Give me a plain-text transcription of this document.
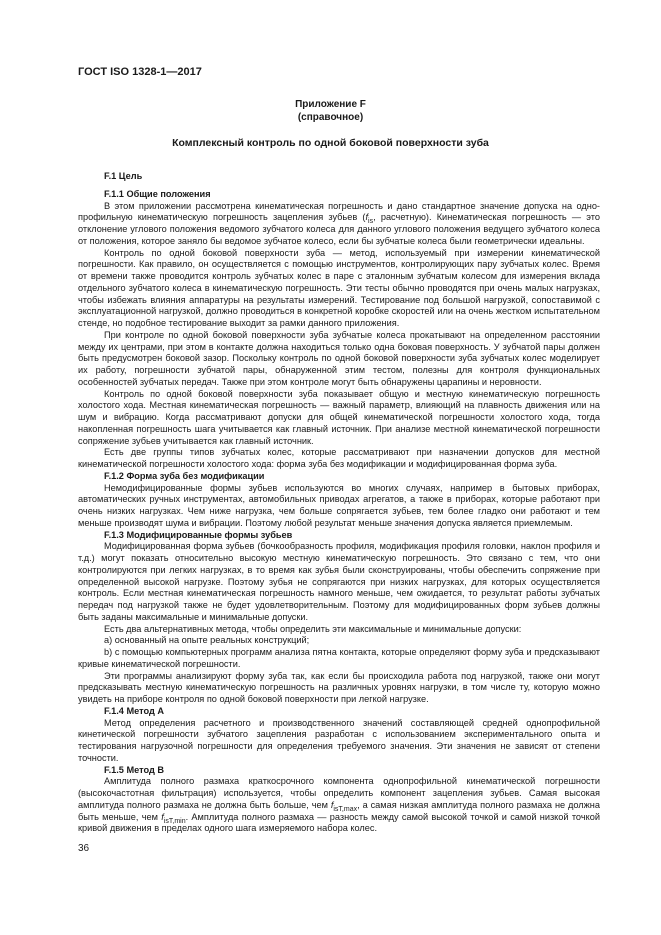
ГОСТ ISO 1328-1—2017
Приложение F
(справочное)
Комплексный контроль по одной боковой поверхности зуба
F.1 Цель
F.1.1 Общие положения

В этом приложении рассмотрена кинематическая погрешность и дано стандартное значение допуска на одно-профильную кинематическую погрешность зацепления зубьев ($f_{is}$, расчетную). Кинематическая погрешность — это отклонение углового положения ведомого зубчатого колеса для данного углового положения ведущего зубчатого колеса от положения, которое заняло бы ведомое зубчатое колесо, если бы зубчатые колеса были геометрически идеальны.

Контроль по одной боковой поверхности зуба — метод, используемый при измерении кинематической погрешности. Как правило, он осуществляется с помощью инструментов, контролирующих пару зубчатых колес. Время от времени также проводится контроль зубчатых колес в паре с эталонным зубчатым колесом для измерения вклада отдельного зубчатого колеса в кинематическую погрешность. Эти тесты обычно проводятся при очень малых нагрузках, чтобы избежать влияния аппаратуры на результаты измерений. Тестирование под большой нагрузкой, сопоставимой с эксплуатационной нагрузкой, должно проводиться в конкретной коробке скоростей или на очень жестком испытательном стенде, но подобное тестирование выходит за рамки данного приложения.

При контроле по одной боковой поверхности зуба зубчатые колеса прокатывают на определенном расстоянии между их центрами, при этом в контакте должна находиться только одна боковая поверхность. У зубчатой пары должен быть предусмотрен боковой зазор. Поскольку контроль по одной боковой поверхности зуба зубчатых колес моделирует их работу, погрешности зубчатой пары, обнаруженной этим тестом, полезны для контроля функциональных особенностей зубчатых передач. Также при этом контроле могут быть обнаружены царапины и неровности.

Контроль по одной боковой поверхности зуба показывает общую и местную кинематическую погрешность холостого хода. Местная кинематическая погрешность — важный параметр, влияющий на плавность движения или на шум и вибрацию. Когда рассматривают допуски для общей кинематической погрешности холостого хода, тогда накопленная погрешность шага учитывается как главный источник. При анализе местной кинематической погрешности сопряжение зубьев учитывается как главный источник.

Есть две группы типов зубчатых колес, которые рассматривают при назначении допусков для местной кинематической погрешности холостого хода: форма зуба без модификации и модифицированная форма зуба.

F.1.2 Форма зуба без модификации

Немодифицированные формы зубьев используются во многих случаях, например в бытовых приборах, автоматических ручных инструментах, автомобильных приводах агрегатов, а также в приборах, которые работают при очень низких нагрузках. Чем ниже нагрузка, чем больше сопрягается зубьев, тем более гладко они работают и тем меньше производят шума и вибрации. Поэтому любой результат меньше значения допуска является приемлемым.

F.1.3 Модифицированные формы зубьев

Модифицированная форма зубьев (бочкообразность профиля, модификация профиля головки, наклон профиля и т.д.) могут показать относительно высокую местную кинематическую погрешность. Это связано с тем, что они контролируются при легких нагрузках, в то время как зубья были сконструированы, чтобы обеспечить сопряжение при определенной высокой нагрузке. Поэтому зубья не сопрягаются при низких нагрузках, для которых осуществляется контроль. Если местная кинематическая погрешность намного меньше, чем ожидается, то результат работы зубчатых передач под нагрузкой также не будет удовлетворительным. Поэтому для модифицированных форм зубьев должны быть заданы максимальные и минимальные допуски.

Есть два альтернативных метода, чтобы определить эти максимальные и минимальные допуски:

а) основанный на опыте реальных конструкций;

b) с помощью компьютерных программ анализа пятна контакта, которые определяют форму зуба и предсказывают кривые кинематической погрешности.

Эти программы анализируют форму зуба так, как если бы происходила работа под нагрузкой, также они могут предсказывать местную кинематическую погрешность на различных уровнях нагрузки, в том числе ту, которую можно увидеть на приборе контроля по одной боковой поверхности при легкой нагрузке.

F.1.4 Метод А

Метод определения расчетного и производственного значений составляющей средней однопрофильной кинетической погрешности зубчатого зацепления разработан с использованием экспериментального опыта и тестирования нагрузочной погрешности для определения требуемого значения. Эти значения не зависят от степени точности.

F.1.5 Метод В

Амплитуда полного размаха краткосрочного компонента однопрофильной кинематической погрешности (высокочастотная фильтрация) используется, чтобы определить компонент зацепления зубьев. Самая высокая амплитуда полного размаха не должна быть больше, чем $f_{isT,max}$, а самая низкая амплитуда полного размаха не должна быть меньше, чем $f_{isT,min}$. Амплитуда полного размаха — разность между самой высокой точкой и самой низкой точкой кривой движения в пределах одного шага измеряемого набора колес.

36
